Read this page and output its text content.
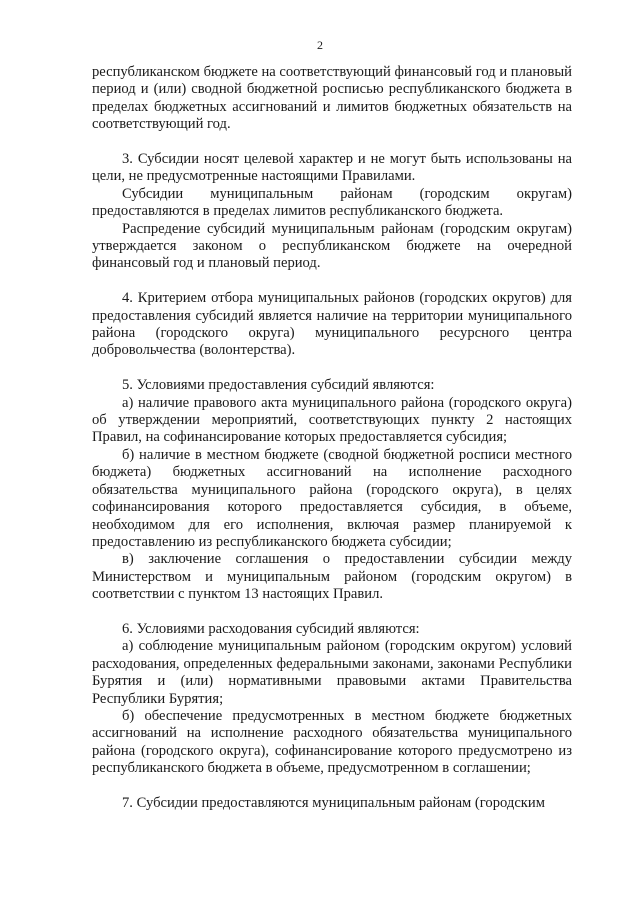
2

республиканском бюджете на соответствующий финансовый год и плановый период и (или) сводной бюджетной росписью республиканского бюджета в пределах бюджетных ассигнований и лимитов бюджетных обязательств на соответствующий год.

3. Субсидии носят целевой характер и не могут быть использованы на цели, не предусмотренные настоящими Правилами.

Субсидии муниципальным районам (городским округам) предоставляются в пределах лимитов республиканского бюджета.

Распредение субсидий муниципальным районам (городским округам) утверждается законом о республиканском бюджете на очередной финансовый год и плановый период.

4. Критерием отбора муниципальных районов (городских округов) для предоставления субсидий является наличие на территории муниципального района (городского округа) муниципального ресурсного центра добровольчества (волонтерства).

5. Условиями предоставления субсидий являются:

а) наличие правового акта муниципального района (городского округа) об утверждении мероприятий, соответствующих пункту 2 настоящих Правил, на софинансирование которых предоставляется субсидия;

б) наличие в местном бюджете (сводной бюджетной росписи местного бюджета) бюджетных ассигнований на исполнение расходного обязательства муниципального района (городского округа), в целях софинансирования которого предоставляется субсидия, в объеме, необходимом для его исполнения, включая размер планируемой к предоставлению из республиканского бюджета субсидии;

в) заключение соглашения о предоставлении субсидии между Министерством и муниципальным районом (городским округом) в соответствии с пунктом 13 настоящих Правил.

6. Условиями расходования субсидий являются:

а) соблюдение муниципальным районом (городским округом) условий расходования, определенных федеральными законами, законами Республики Бурятия и (или) нормативными правовыми актами Правительства Республики Бурятия;

б) обеспечение предусмотренных в местном бюджете бюджетных ассигнований на исполнение расходного обязательства муниципального района (городского округа), софинансирование которого предусмотрено из республиканского бюджета в объеме, предусмотренном в соглашении;

7. Субсидии предоставляются муниципальным районам (городским
